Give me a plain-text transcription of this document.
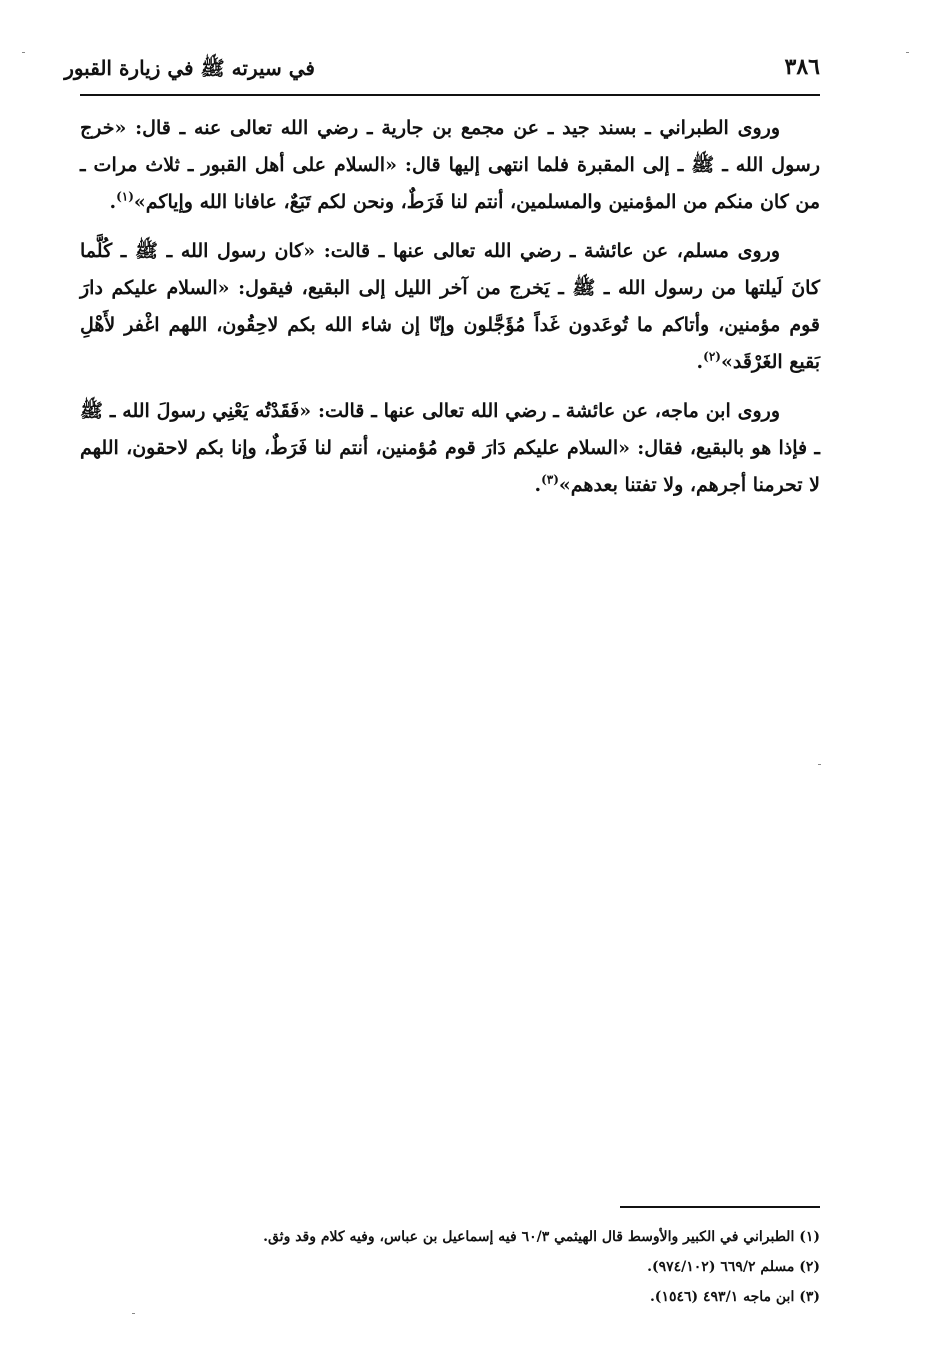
في سيرته ﷺ في زيارة القبور	٣٨٦

وروى الطبراني ـ بسند جيد ـ عن مجمع بن جارية ـ رضي الله تعالى عنه ـ قال: «خرج رسول الله ـ ﷺ ـ إلى المقبرة فلما انتهى إليها قال: «السلام على أهل القبور ـ ثلاث مرات ـ من كان منكم من المؤمنين والمسلمين، أنتم لنا فَرَطٌ، ونحن لكم تَبَعٌ، عافانا الله وإياكم»$^{(١)}$.

وروى مسلم، عن عائشة ـ رضي الله تعالى عنها ـ قالت: «كان رسول الله ـ ﷺ ـ كُلَّما كانَ لَيلتها من رسول الله ـ ﷺ ـ يَخرج من آخر الليل إلى البقيع، فيقول: «السلام عليكم دارَ قوم مؤمنين، وأتاكم ما تُوعَدون غَداً مُؤَجَّلون وإنّا إن شاء الله بكم لاحِقُون، اللهم اغْفر لأَهْلِ بَقيع الغَرْقَد»$^{(٢)}$.

وروى ابن ماجه، عن عائشة ـ رضي الله تعالى عنها ـ قالت: «فَقَدْتُه يَعْنِي رسولَ الله ـ ﷺ ـ فإذا هو بالبقيع، فقال: «السلام عليكم دَارَ قوم مُؤمنين، أنتم لنا فَرَطٌ، وإنا بكم لاحقون، اللهم لا تحرمنا أجرهم، ولا تفتنا بعدهم»$^{(٣)}$.

(١) الطبراني في الكبير والأوسط قال الهيثمي ٦٠/٣ فيه إسماعيل بن عباس، وفيه كلام وقد وثق.

(٢) مسلم ٦٦٩/٢ (٩٧٤/١٠٢).

(٣) ابن ماجه ٤٩٣/١ (١٥٤٦).
